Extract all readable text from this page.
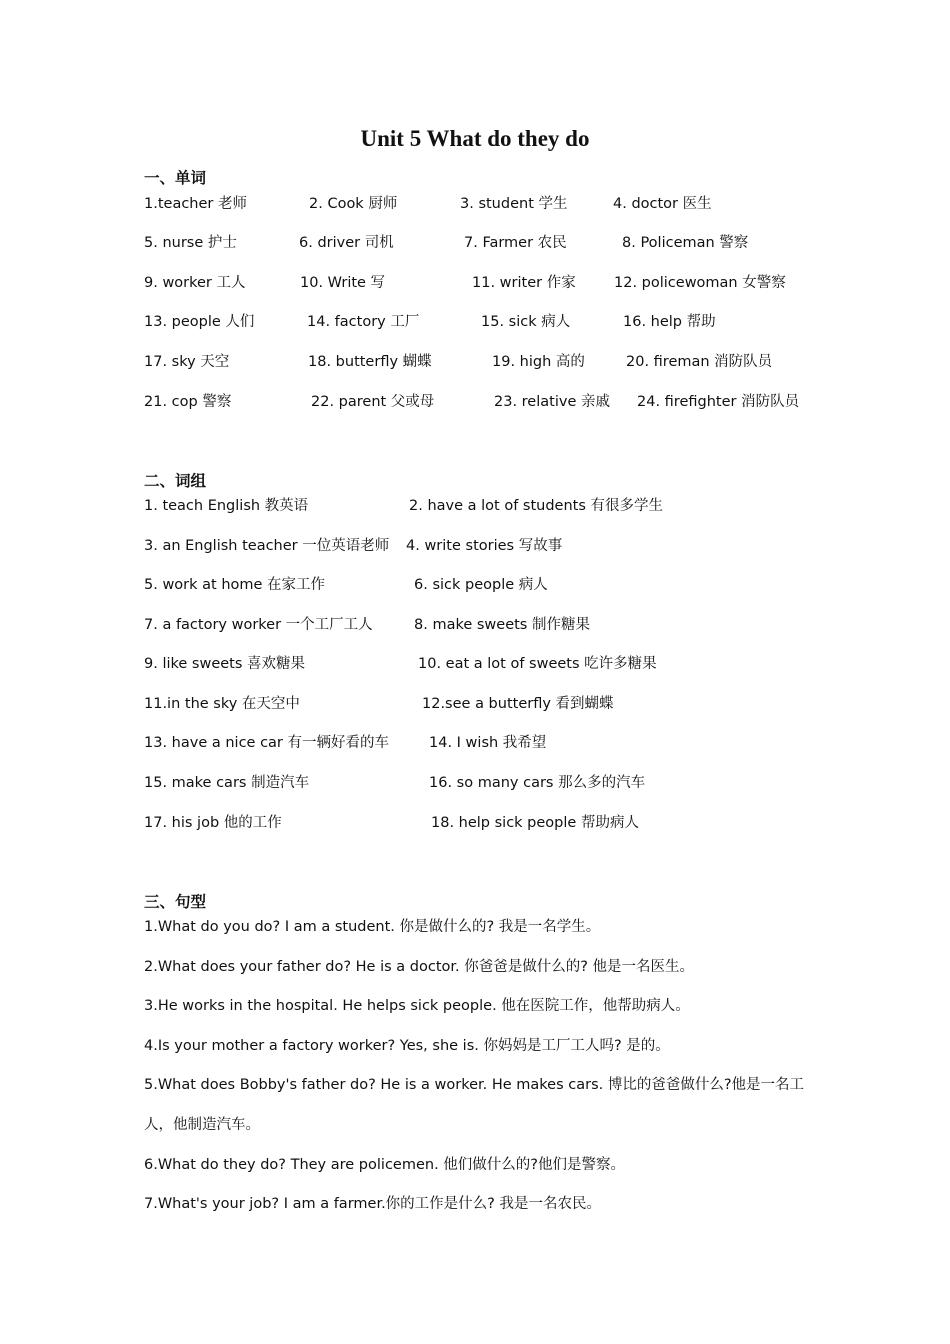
Unit 5 What do they do
一、单词
1.teacher 老师	2. Cook 厨师	3. student 学生	4. doctor 医生
5. nurse 护士	6. driver 司机	7. Farmer 农民	8. Policeman 警察
9. worker 工人	10. Write 写	11. writer 作家	12. policewoman 女警察
13. people 人们	14. factory 工厂	15. sick 病人	16. help 帮助
17. sky 天空	18. butterfly 蝴蝶	19. high 高的	20. fireman 消防队员
21. cop 警察	22. parent 父或母	23. relative 亲戚 24. firefighter 消防队员
二、词组
1. teach English 教英语	2. have a lot of students 有很多学生
3. an English teacher 一位英语老师 4. write stories 写故事
5. work at home 在家工作	6. sick people 病人
7. a factory worker 一个工厂工人	8. make sweets 制作糖果
9. like sweets 喜欢糖果	10. eat a lot of sweets 吃许多糖果
11.in the sky 在天空中	12.see a butterfly 看到蝴蝶
13. have a nice car 有一辆好看的车	14. I wish 我希望
15. make cars 制造汽车	16. so many cars 那么多的汽车
17. his job 他的工作	18. help sick people 帮助病人
三、句型
1.What do you do? I am a student. 你是做什么的? 我是一名学生。
2.What does your father do? He is a doctor. 你爸爸是做什么的? 他是一名医生。
3.He works in the hospital. He helps sick people. 他在医院工作，他帮助病人。
4.Is your mother a factory worker? Yes, she is. 你妈妈是工厂工人吗? 是的。
5.What does Bobby's father do? He is a worker. He makes cars. 博比的爸爸做什么?他是一名工
人，他制造汽车。
6.What do they do? They are policemen. 他们做什么的?他们是警察。
7.What's your job? I am a farmer.你的工作是什么? 我是一名农民。
